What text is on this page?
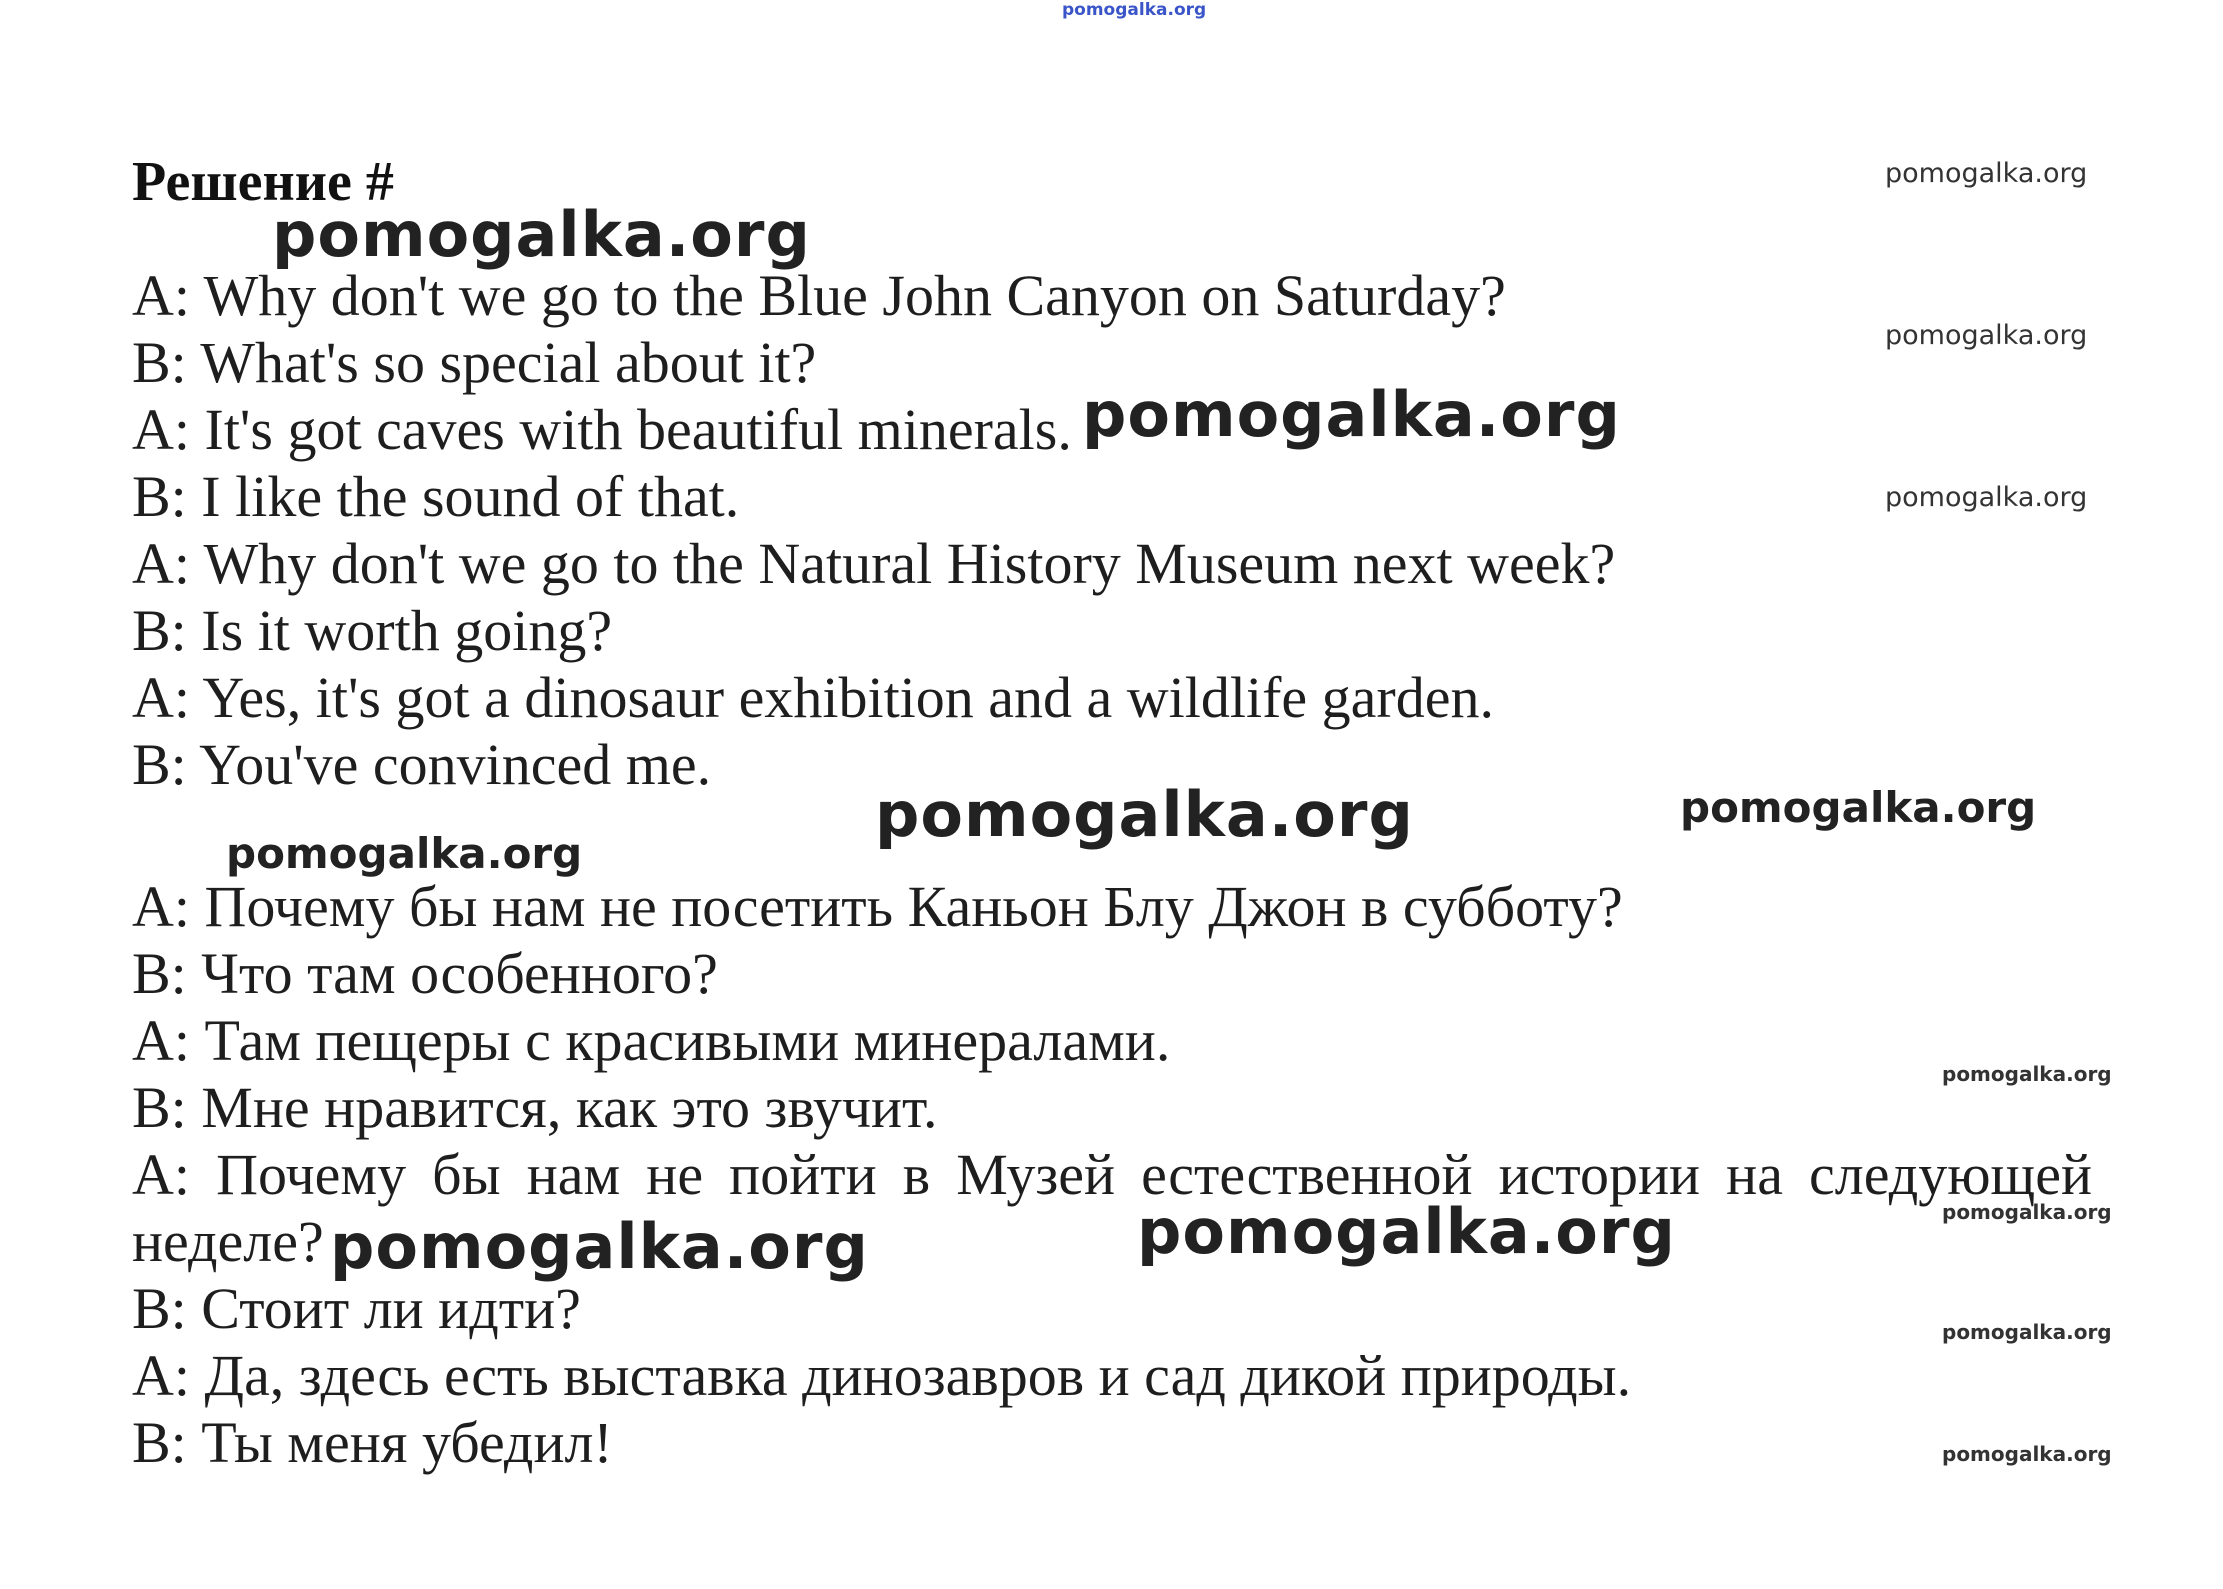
pomogalka.org
Решение #
A: Why don't we go to the Blue John Canyon on Saturday?
B: What's so special about it?
A: It's got caves with beautiful minerals.
B: I like the sound of that.
A: Why don't we go to the Natural History Museum next week?
B: Is it worth going?
A: Yes, it's got a dinosaur exhibition and a wildlife garden.
B: You've convinced me.
A: Почему бы нам не посетить Каньон Блу Джон в субботу?
B: Что там особенного?
A: Там пещеры с красивыми минералами.
B: Мне нравится, как это звучит.
A: Почему бы нам не пойти в Музей естественной истории на следующей
неделе?
B: Стоит ли идти?
A: Да, здесь есть выставка динозавров и сад дикой природы.
B: Ты меня убедил!
pomogalka.org
pomogalka.org
pomogalka.org
pomogalka.org	pomogalka.org
pomogalka.org
pomogalka.org
pomogalka.org
pomogalka.org
pomogalka.org
pomogalka.org
pomogalka.org
pomogalka.org
pomogalka.org
